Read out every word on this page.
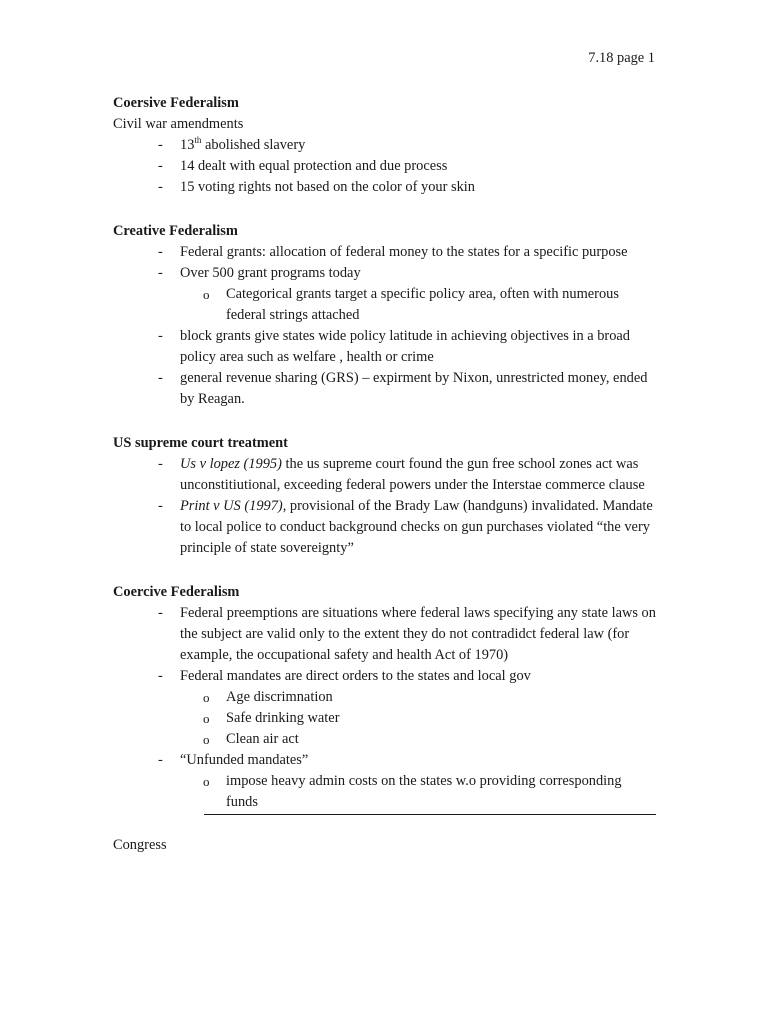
7.18 page 1
Coersive Federalism
Civil war amendments
- 13th abolished slavery
- 14 dealt with equal protection and due process
- 15 voting rights not based on the color of your skin
Creative Federalism
- Federal grants: allocation of federal money to the states for a specific purpose
- Over 500 grant programs today
o Categorical grants target a specific policy area, often with numerous federal strings attached
- block grants give states wide policy latitude in achieving objectives in a broad policy area such as welfare , health or crime
- general revenue sharing (GRS) – expirment by Nixon, unrestricted money, ended by Reagan.
US supreme court treatment
- Us v lopez (1995) the us supreme court found the gun free school zones act was unconstitiutional, exceeding federal powers under the Interstae commerce clause
- Print v US (1997), provisional of the Brady Law (handguns) invalidated. Mandate to local police to conduct background checks on gun purchases violated “the very principle of state sovereignty”
Coercive Federalism
- Federal preemptions are situations where federal laws specifying any state laws on the subject are valid only to the extent they do not contradidct federal law (for example, the occupational safety and health Act of 1970)
- Federal mandates are direct orders to the states and local gov
o Age discrimnation
o Safe drinking water
o Clean air act
- “Unfunded mandates”
o impose heavy admin costs on the states w.o providing corresponding funds
Congress
